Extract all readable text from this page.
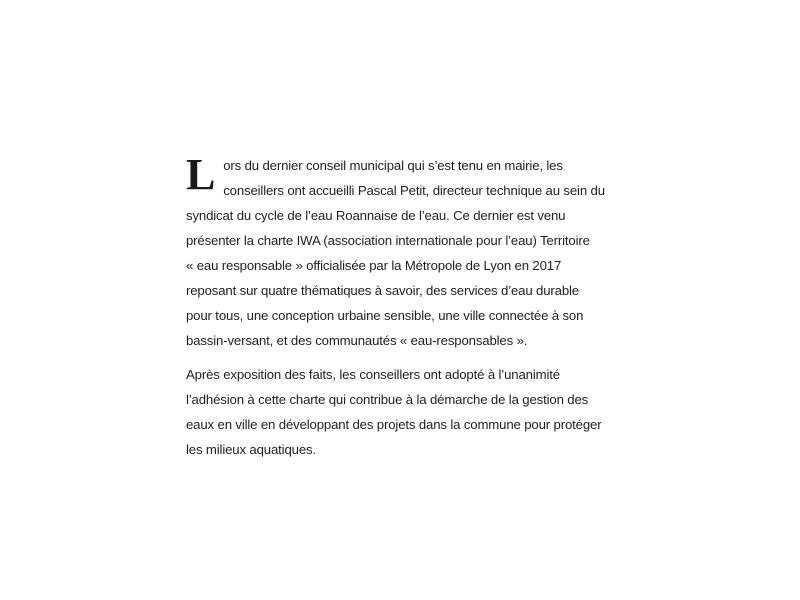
L ors du dernier conseil municipal qui s’est tenu en mairie, les
conseillers ont accueilli Pascal Petit, directeur technique au sein du
syndicat du cycle de l’eau Roannaise de l’eau. Ce dernier est venu
présenter la charte IWA (association internationale pour l’eau) Territoire
« eau responsable » officialisée par la Métropole de Lyon en 2017
reposant sur quatre thématiques à savoir, des services d’eau durable
pour tous, une conception urbaine sensible, une ville connectée à son
bassin-versant, et des communautés « eau-responsables ».

Après exposition des faits, les conseillers ont adopté à l’unanimité
l’adhésion à cette charte qui contribue à la démarche de la gestion des
eaux en ville en développant des projets dans la commune pour protéger
les milieux aquatiques.
